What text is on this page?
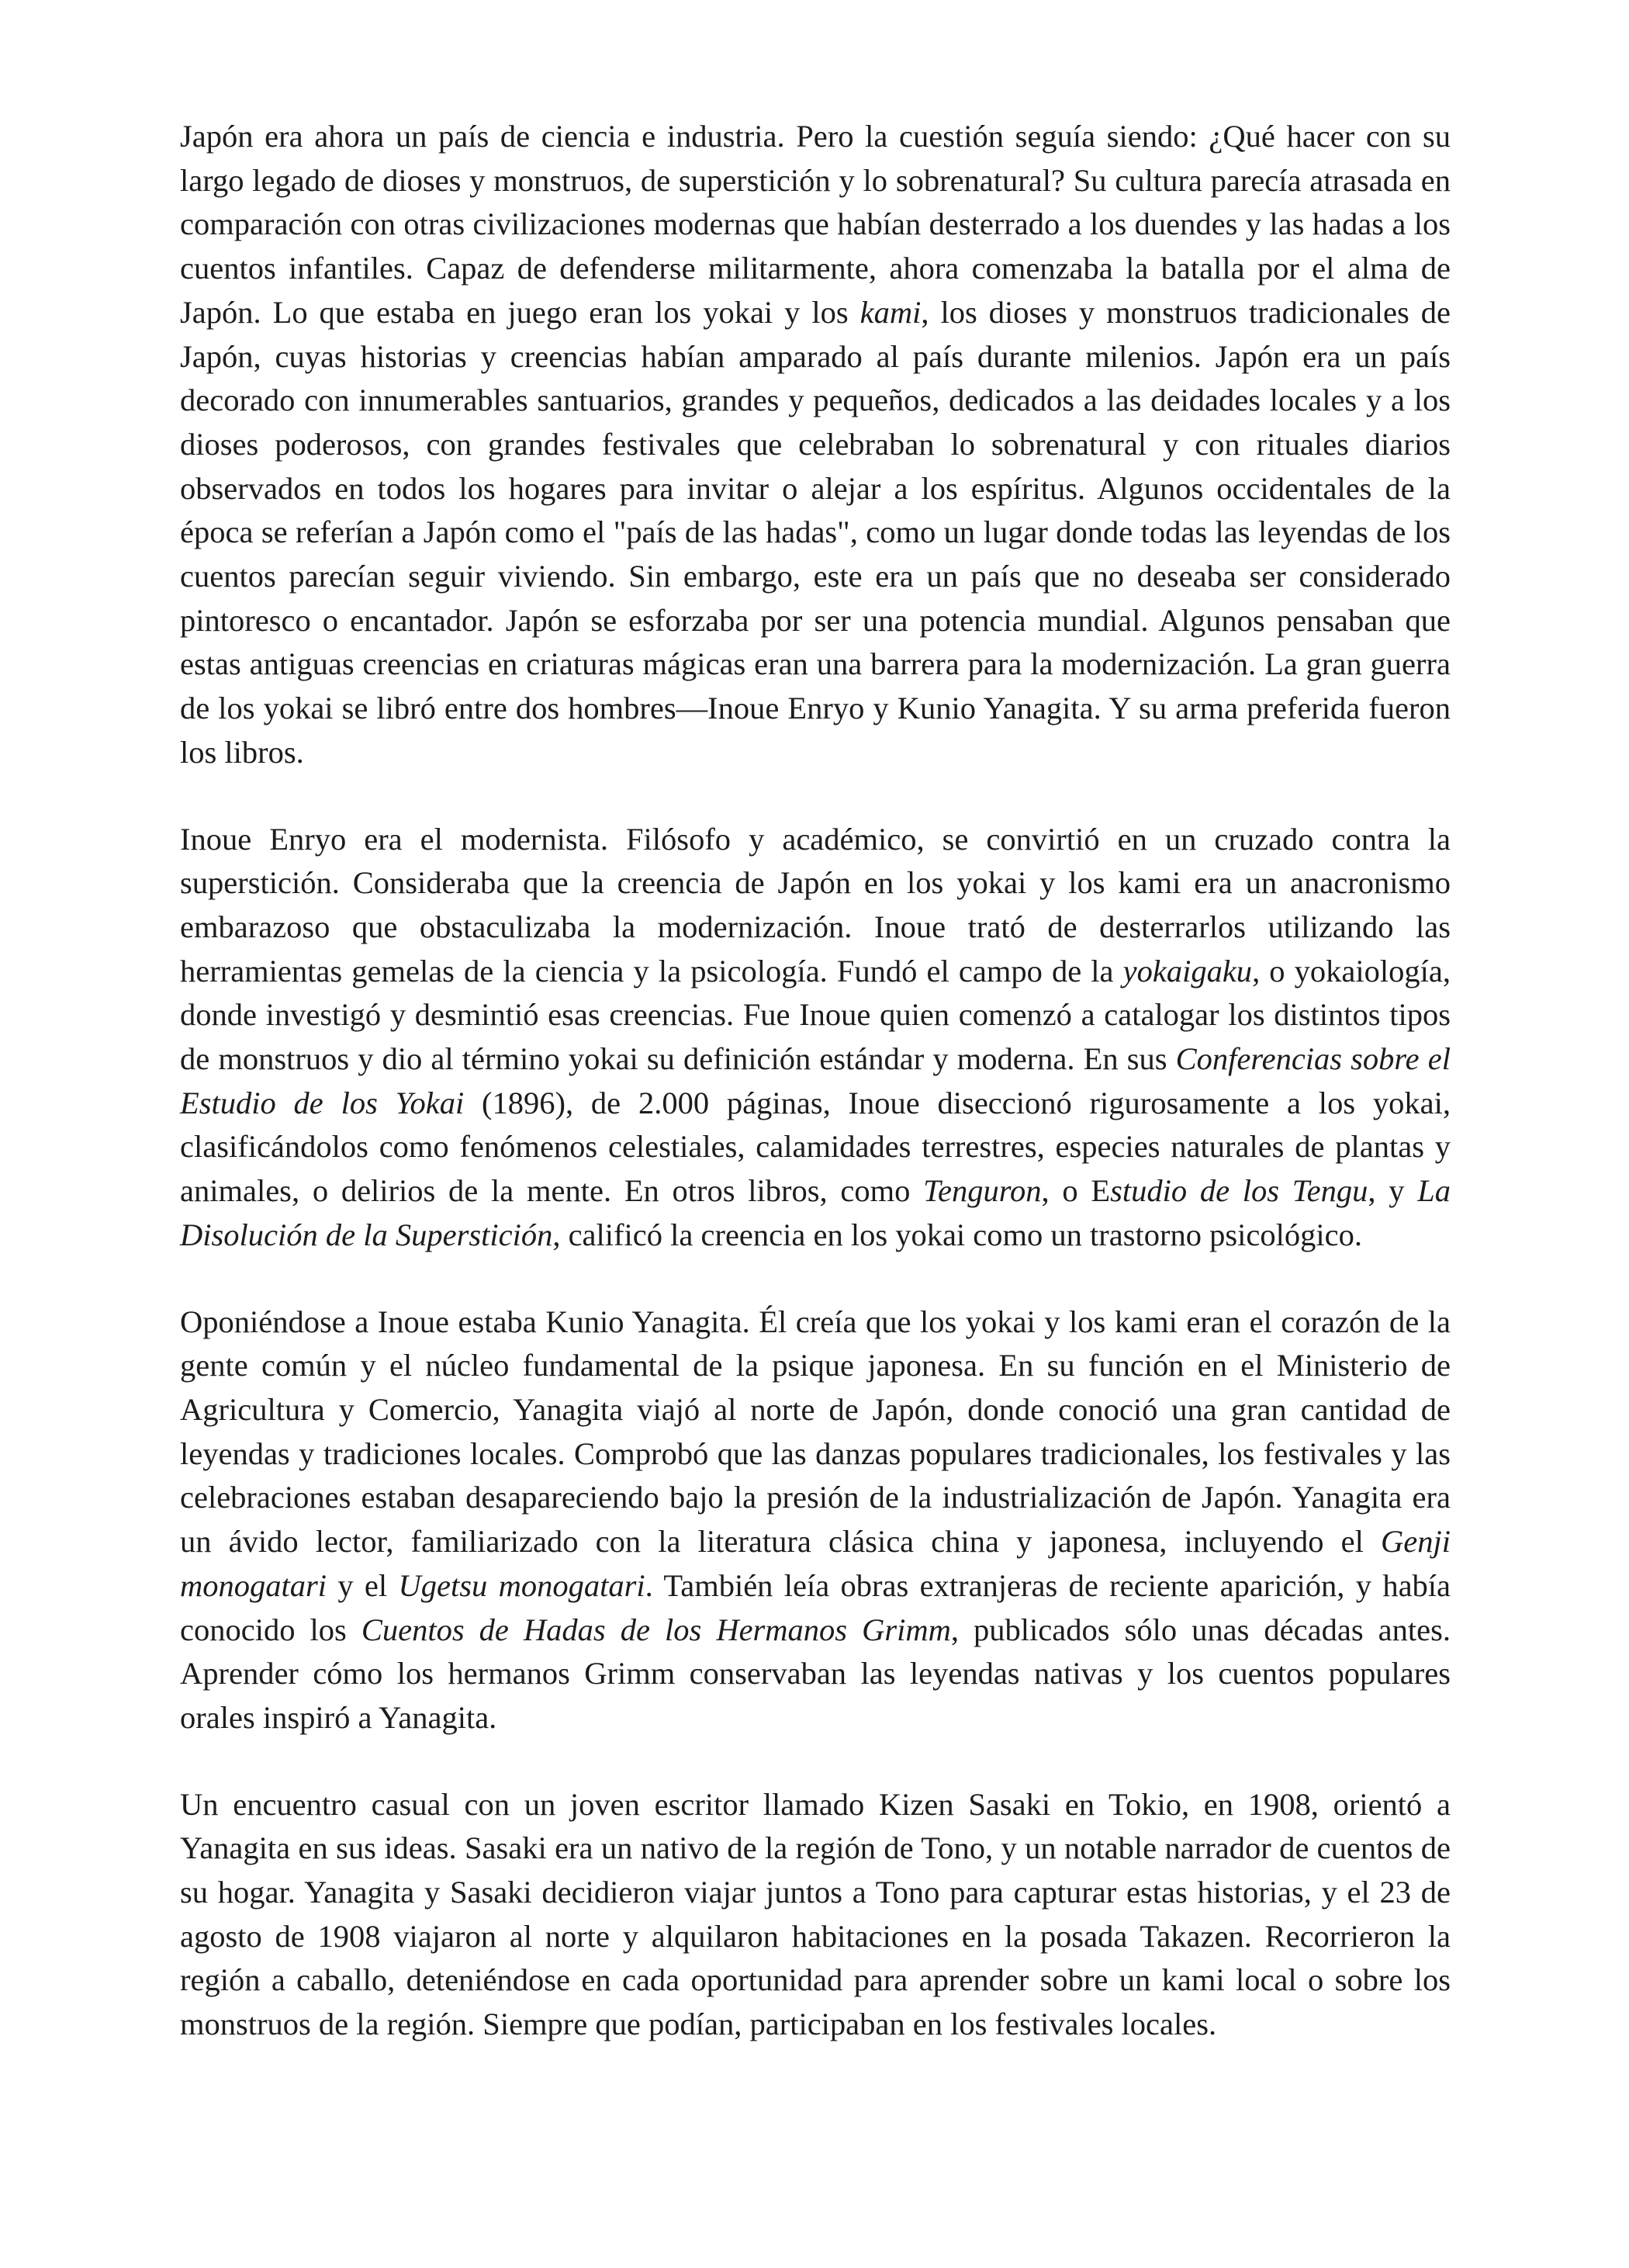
Japón era ahora un país de ciencia e industria. Pero la cuestión seguía siendo: ¿Qué hacer con su largo legado de dioses y monstruos, de superstición y lo sobrenatural? Su cultura parecía atrasada en comparación con otras civilizaciones modernas que habían desterrado a los duendes y las hadas a los cuentos infantiles. Capaz de defenderse militarmente, ahora comenzaba la batalla por el alma de Japón. Lo que estaba en juego eran los yokai y los kami, los dioses y monstruos tradicionales de Japón, cuyas historias y creencias habían amparado al país durante milenios. Japón era un país decorado con innumerables santuarios, grandes y pequeños, dedicados a las deidades locales y a los dioses poderosos, con grandes festivales que celebraban lo sobrenatural y con rituales diarios observados en todos los hogares para invitar o alejar a los espíritus. Algunos occidentales de la época se referían a Japón como el "país de las hadas", como un lugar donde todas las leyendas de los cuentos parecían seguir viviendo. Sin embargo, este era un país que no deseaba ser considerado pintoresco o encantador. Japón se esforzaba por ser una potencia mundial. Algunos pensaban que estas antiguas creencias en criaturas mágicas eran una barrera para la modernización. La gran guerra de los yokai se libró entre dos hombres—Inoue Enryo y Kunio Yanagita. Y su arma preferida fueron los libros.

Inoue Enryo era el modernista. Filósofo y académico, se convirtió en un cruzado contra la superstición. Consideraba que la creencia de Japón en los yokai y los kami era un anacronismo embarazoso que obstaculizaba la modernización. Inoue trató de desterrarlos utilizando las herramientas gemelas de la ciencia y la psicología. Fundó el campo de la yokaigaku, o yokaiología, donde investigó y desmintió esas creencias. Fue Inoue quien comenzó a catalogar los distintos tipos de monstruos y dio al término yokai su definición estándar y moderna. En sus Conferencias sobre el Estudio de los Yokai (1896), de 2.000 páginas, Inoue diseccionó rigurosamente a los yokai, clasificándolos como fenómenos celestiales, calamidades terrestres, especies naturales de plantas y animales, o delirios de la mente. En otros libros, como Tenguron, o Estudio de los Tengu, y La Disolución de la Superstición, calificó la creencia en los yokai como un trastorno psicológico.

Oponiéndose a Inoue estaba Kunio Yanagita. Él creía que los yokai y los kami eran el corazón de la gente común y el núcleo fundamental de la psique japonesa. En su función en el Ministerio de Agricultura y Comercio, Yanagita viajó al norte de Japón, donde conoció una gran cantidad de leyendas y tradiciones locales. Comprobó que las danzas populares tradicionales, los festivales y las celebraciones estaban desapareciendo bajo la presión de la industrialización de Japón. Yanagita era un ávido lector, familiarizado con la literatura clásica china y japonesa, incluyendo el Genji monogatari y el Ugetsu monogatari. También leía obras extranjeras de reciente aparición, y había conocido los Cuentos de Hadas de los Hermanos Grimm, publicados sólo unas décadas antes. Aprender cómo los hermanos Grimm conservaban las leyendas nativas y los cuentos populares orales inspiró a Yanagita.

Un encuentro casual con un joven escritor llamado Kizen Sasaki en Tokio, en 1908, orientó a Yanagita en sus ideas. Sasaki era un nativo de la región de Tono, y un notable narrador de cuentos de su hogar. Yanagita y Sasaki decidieron viajar juntos a Tono para capturar estas historias, y el 23 de agosto de 1908 viajaron al norte y alquilaron habitaciones en la posada Takazen. Recorrieron la región a caballo, deteniéndose en cada oportunidad para aprender sobre un kami local o sobre los monstruos de la región. Siempre que podían, participaban en los festivales locales.
